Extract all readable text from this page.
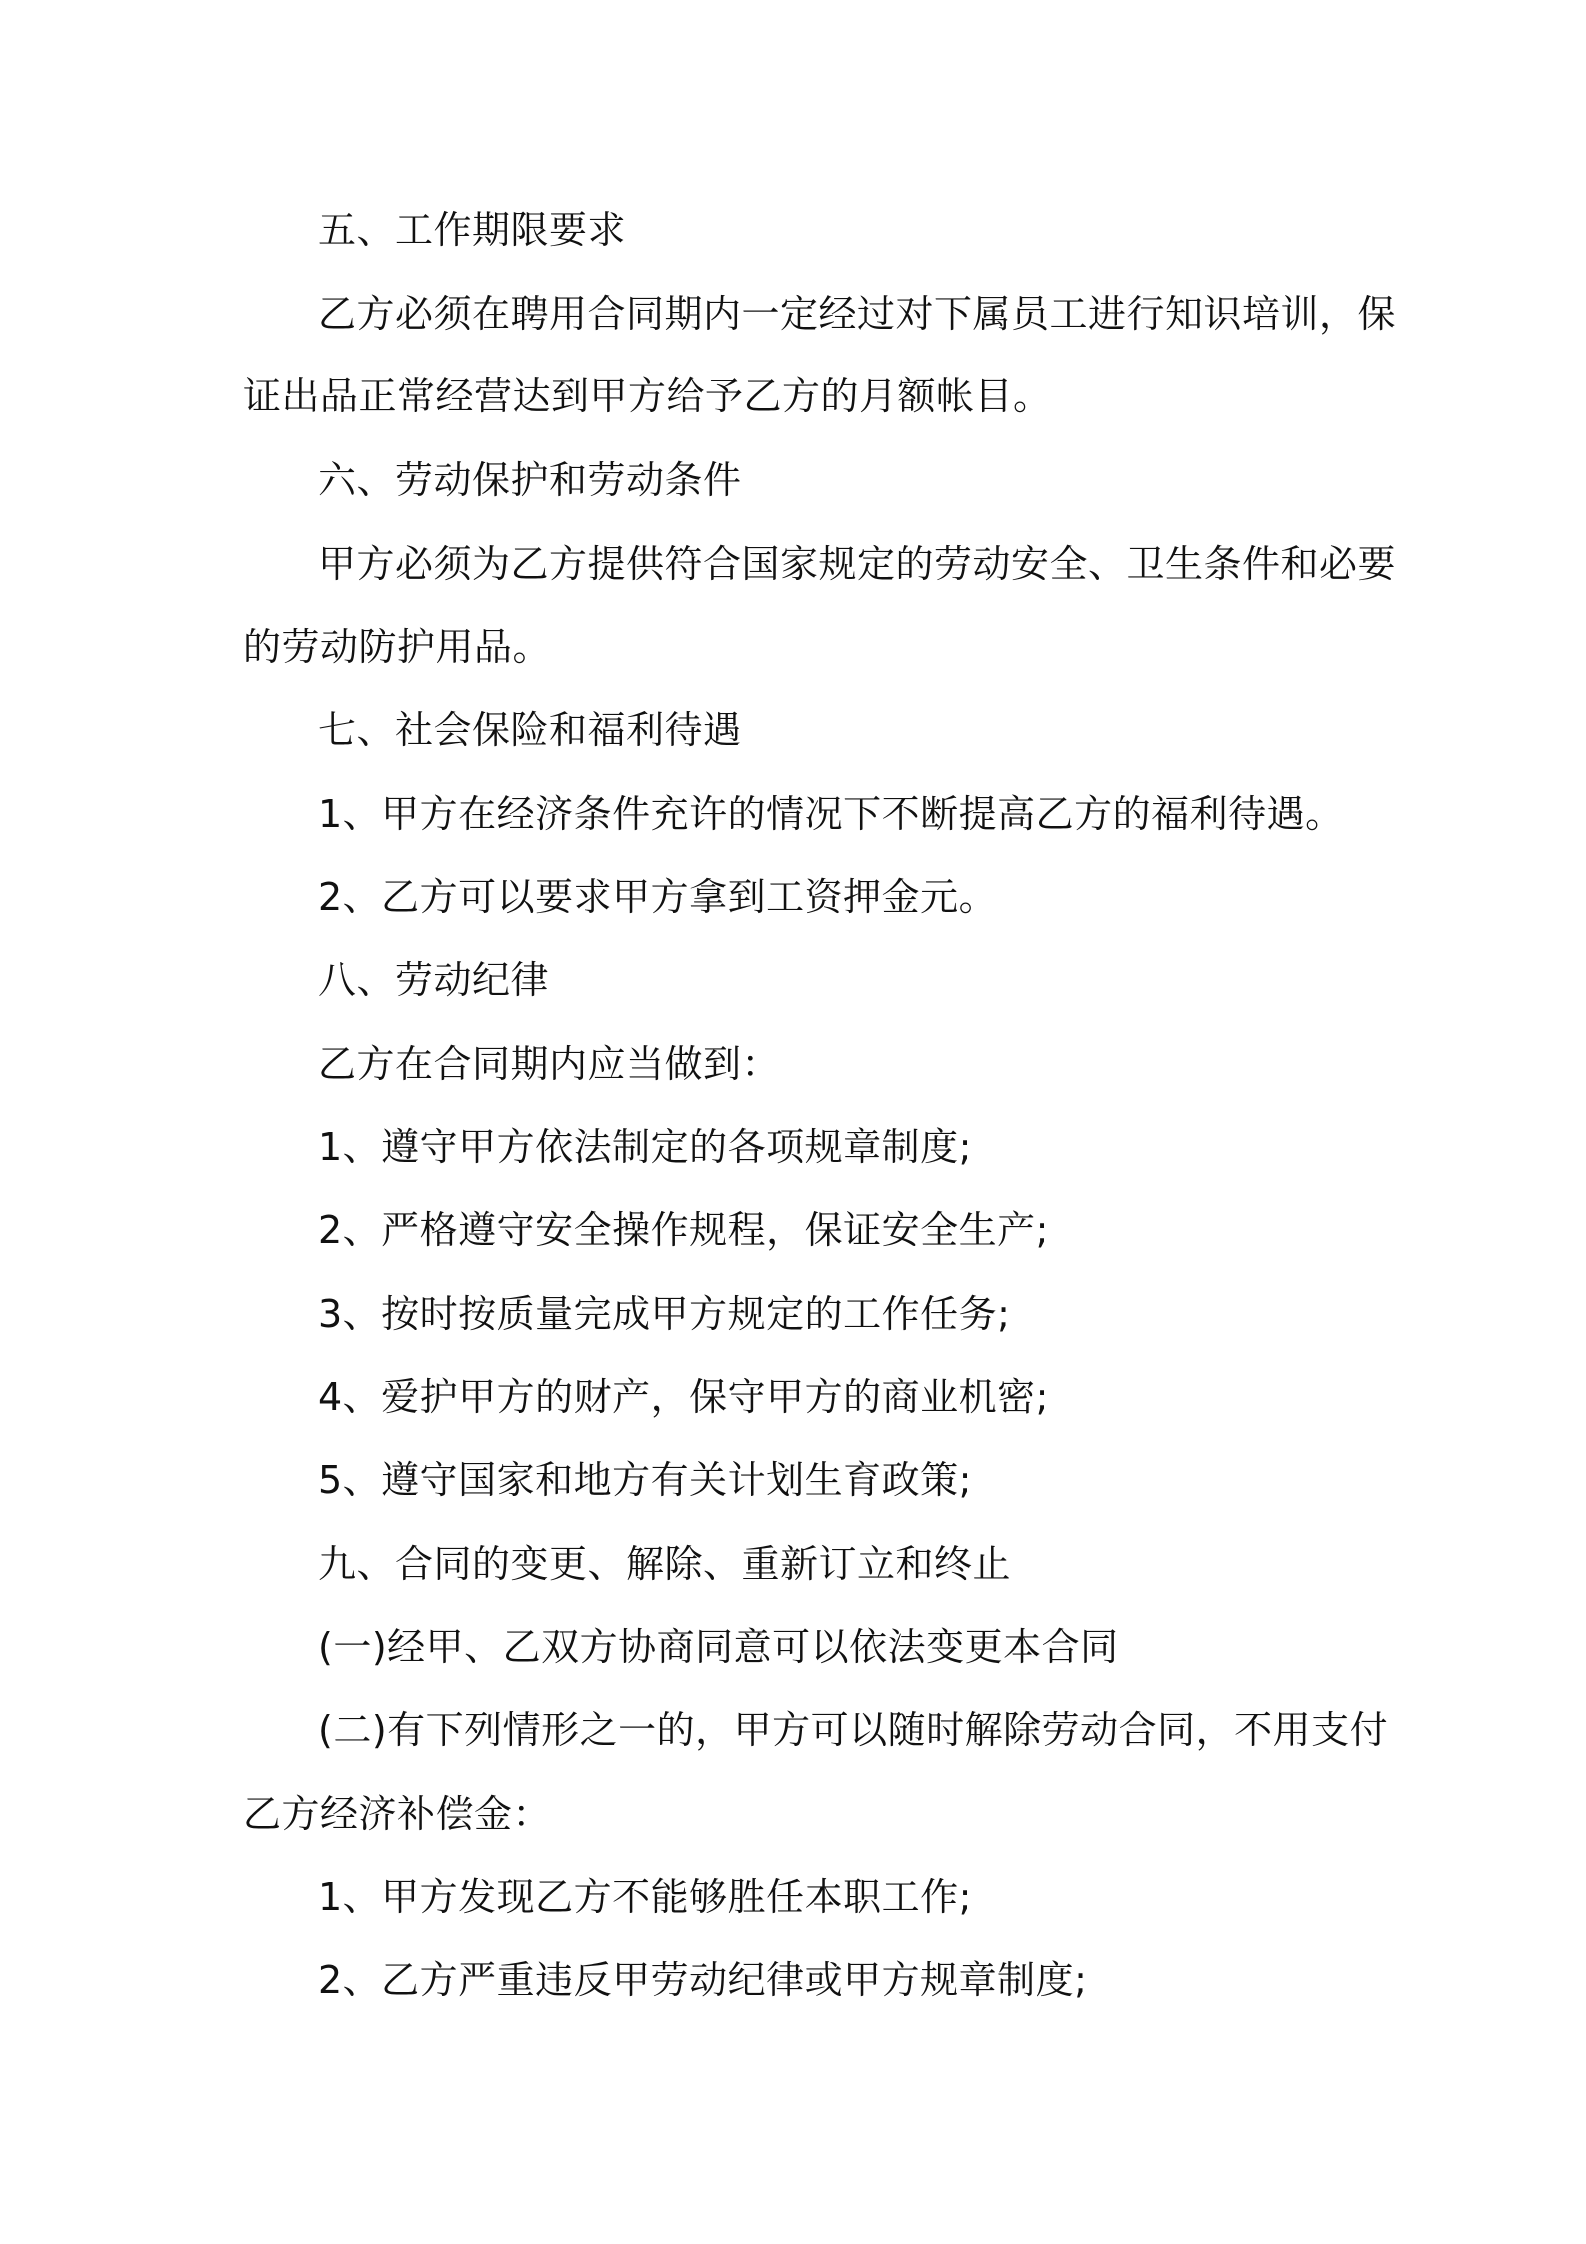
五、工作期限要求
乙方必须在聘用合同期内一定经过对下属员工进行知识培训，保
证出品正常经营达到甲方给予乙方的月额帐目。
六、劳动保护和劳动条件
甲方必须为乙方提供符合国家规定的劳动安全、卫生条件和必要
的劳动防护用品。
七、社会保险和福利待遇
1、甲方在经济条件充许的情况下不断提高乙方的福利待遇。
2、乙方可以要求甲方拿到工资押金元。
八、劳动纪律
乙方在合同期内应当做到：
1、遵守甲方依法制定的各项规章制度;
2、严格遵守安全操作规程，保证安全生产;
3、按时按质量完成甲方规定的工作任务;
4、爱护甲方的财产，保守甲方的商业机密;
5、遵守国家和地方有关计划生育政策;
九、合同的变更、解除、重新订立和终止
(一)经甲、乙双方协商同意可以依法变更本合同
(二)有下列情形之一的，甲方可以随时解除劳动合同，不用支付
乙方经济补偿金：
1、甲方发现乙方不能够胜任本职工作;
2、乙方严重违反甲劳动纪律或甲方规章制度;
